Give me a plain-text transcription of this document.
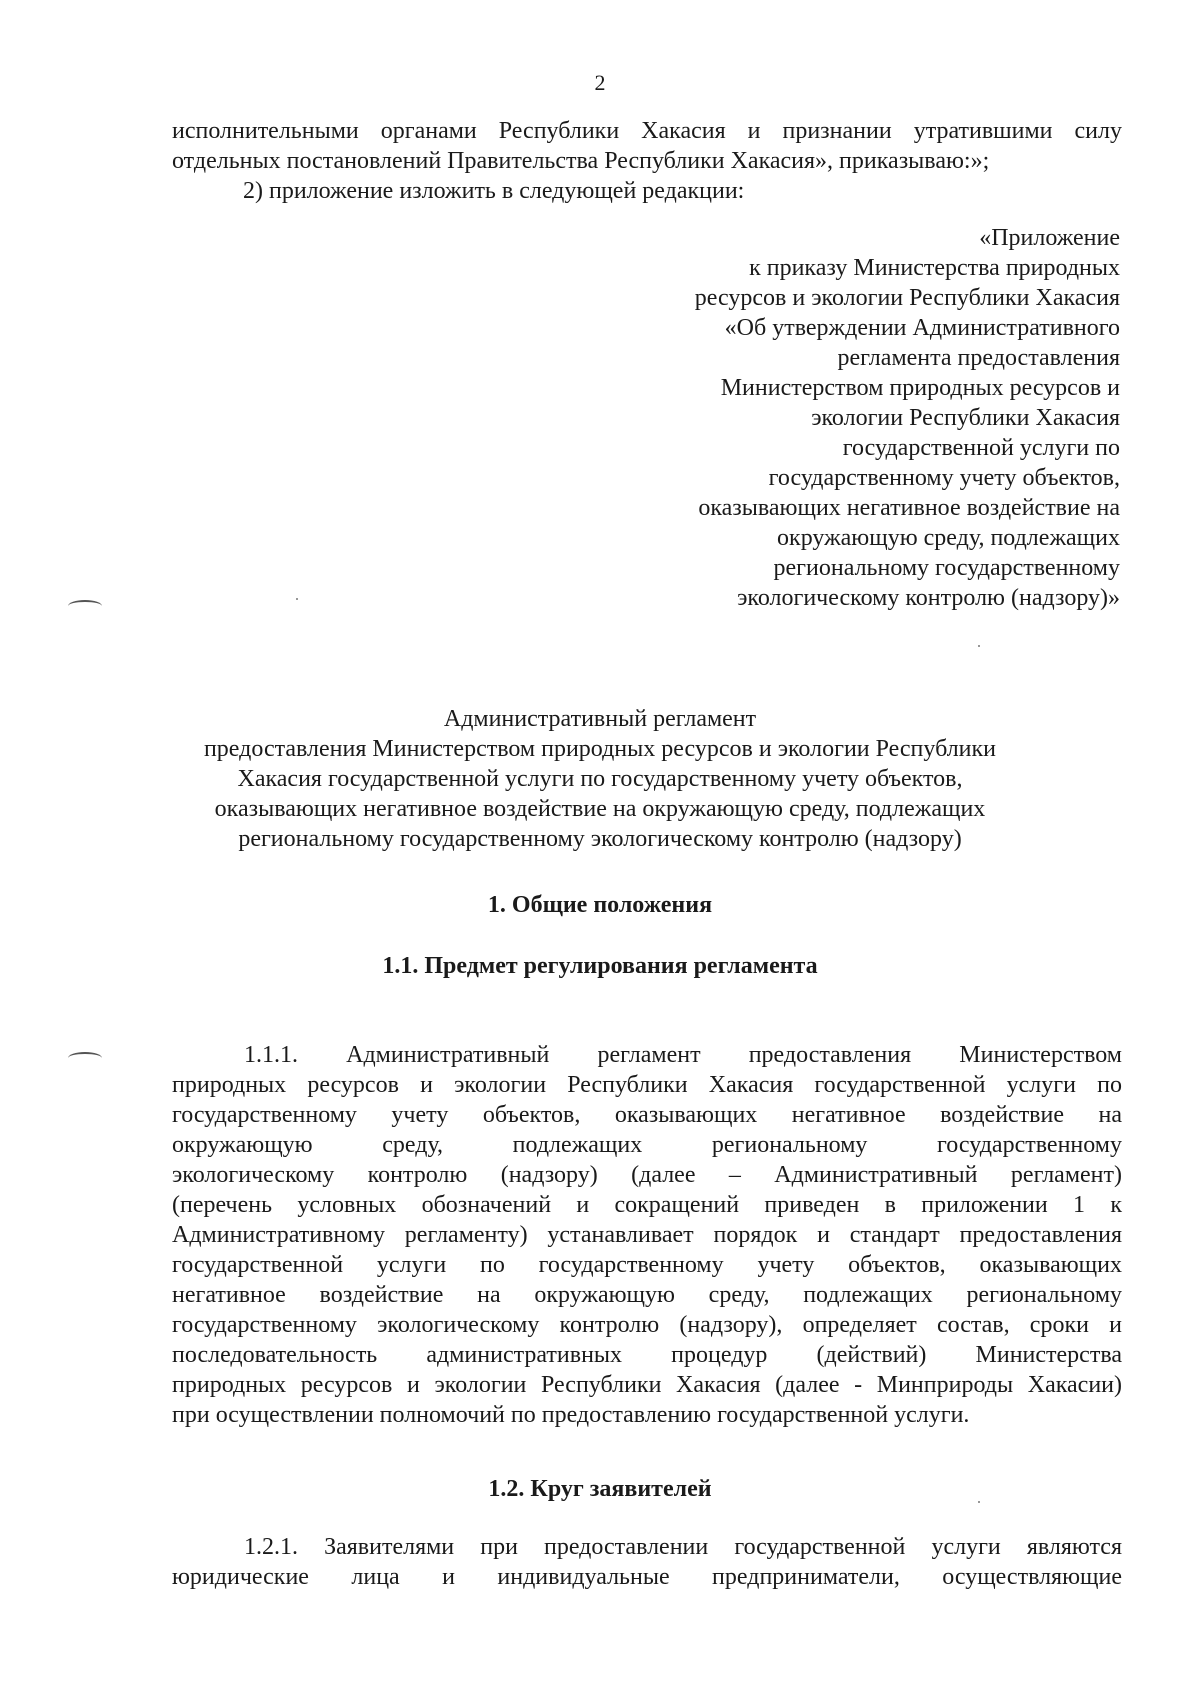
2
исполнительными органами Республики Хакасия и признании утратившими силу
отдельных постановлений Правительства Республики Хакасия», приказываю:»;
2) приложение изложить в следующей редакции:
«Приложение
к приказу Министерства природных
ресурсов и экологии Республики Хакасия
«Об утверждении Административного
регламента предоставления
Министерством природных ресурсов и
экологии Республики Хакасия
государственной услуги по
государственному учету объектов,
оказывающих негативное воздействие на
окружающую среду, подлежащих
региональному государственному
экологическому контролю (надзору)»
Административный регламент
предоставления Министерством природных ресурсов и экологии Республики
Хакасия государственной услуги по государственному учету объектов,
оказывающих негативное воздействие на окружающую среду, подлежащих
региональному государственному экологическому контролю (надзору)
1. Общие положения
1.1. Предмет регулирования регламента
1.1.1. Административный регламент предоставления Министерством
природных ресурсов и экологии Республики Хакасия государственной услуги по
государственному учету объектов, оказывающих негативное воздействие на
окружающую среду, подлежащих региональному государственному
экологическому контролю (надзору) (далее – Административный регламент)
(перечень условных обозначений и сокращений приведен в приложении 1 к
Административному регламенту) устанавливает порядок и стандарт предоставления
государственной услуги по государственному учету объектов, оказывающих
негативное воздействие на окружающую среду, подлежащих региональному
государственному экологическому контролю (надзору), определяет состав, сроки и
последовательность административных процедур (действий) Министерства
природных ресурсов и экологии Республики Хакасия (далее - Минприроды Хакасии)
при осуществлении полномочий по предоставлению государственной услуги.
1.2. Круг заявителей
1.2.1. Заявителями при предоставлении государственной услуги являются
юридические лица и индивидуальные предприниматели, осуществляющие
